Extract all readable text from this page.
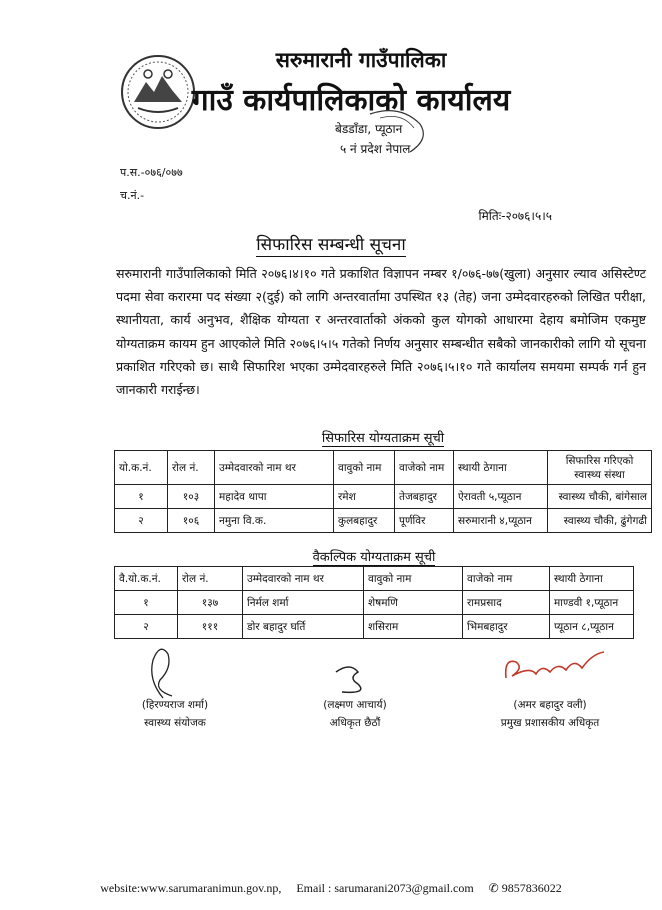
सरुमारानी गाउँपालिका
गाउँ कार्यपालिकाको कार्यालय
बेडडाँडा, प्यूठान
५ नं प्रदेश नेपाल
प.स.-०७६/०७७
च.नं.-
मितिः-२०७६।५।५
सिफारिस सम्बन्धी सूचना
सरुमारानी गाउँपालिकाको मिति २०७६।४।१० गते प्रकाशित विज्ञापन नम्बर १/०७६-७७(खुला) अनुसार ल्याव असिस्टेण्ट पदमा सेवा करारमा पद संख्या २(दुई) को लागि अन्तरवार्तामा उपस्थित १३ (तेह) जना उम्मेदवारहरुको लिखित परीक्षा, स्थानीयता, कार्य अनुभव, शैक्षिक योग्यता र अन्तरवार्ताको अंकको कुल योगको आधारमा देहाय बमोजिम एकमुष्ट योग्यताक्रम कायम हुन आएकोले मिति २०७६।५।५ गतेको निर्णय अनुसार सम्बन्धीत सबैको जानकारीको लागि यो सूचना प्रकाशित गरिएको छ। साथै सिफारिश भएका उम्मेदवारहरुले मिति २०७६।५।१० गते कार्यालय समयमा सम्पर्क गर्न हुन जानकारी गराईन्छ।
सिफारिस योग्यताक्रम सूची
यो.क.नं.	रोल नं.	उम्मेदवारको नाम थर	वावुको नाम	वाजेको नाम	स्थायी ठेगाना	सिफारिस गरिएको स्वास्थ्य संस्था
१	१०३	महादेव थापा	रमेश	तेजबहादुर	ऐरावती ५,प्यूठान	स्वास्थ्य चौकी, बांगेसाल
२	१०६	नमुना वि.क.	कुलबहादुर	पूर्णविर	सरुमारानी ४,प्यूठान	स्वास्थ्य चौकी, ढुंगेगढी
वैकल्पिक योग्यताक्रम सूची
वै.यो.क.नं.	रोल नं.	उम्मेदवारको नाम थर	वावुको नाम	वाजेको नाम	स्थायी ठेगाना
१	१३७	निर्मल शर्मा	शेषमणि	रामप्रसाद	माण्डवी १,प्यूठान
२	१११	डोर बहादुर घर्ति	शसिराम	भिमबहादुर	प्यूठान ८,प्यूठान
(हिरण्यराज शर्मा)
स्वास्थ्य संयोजक
(लक्ष्मण आचार्य)
अधिकृत छैठौं
(अमर बहादुर वली)
प्रमुख प्रशासकीय अधिकृत
website:www.sarumaranimun.gov.np, Email : sarumarani2073@gmail.com ✆ 9857836022
